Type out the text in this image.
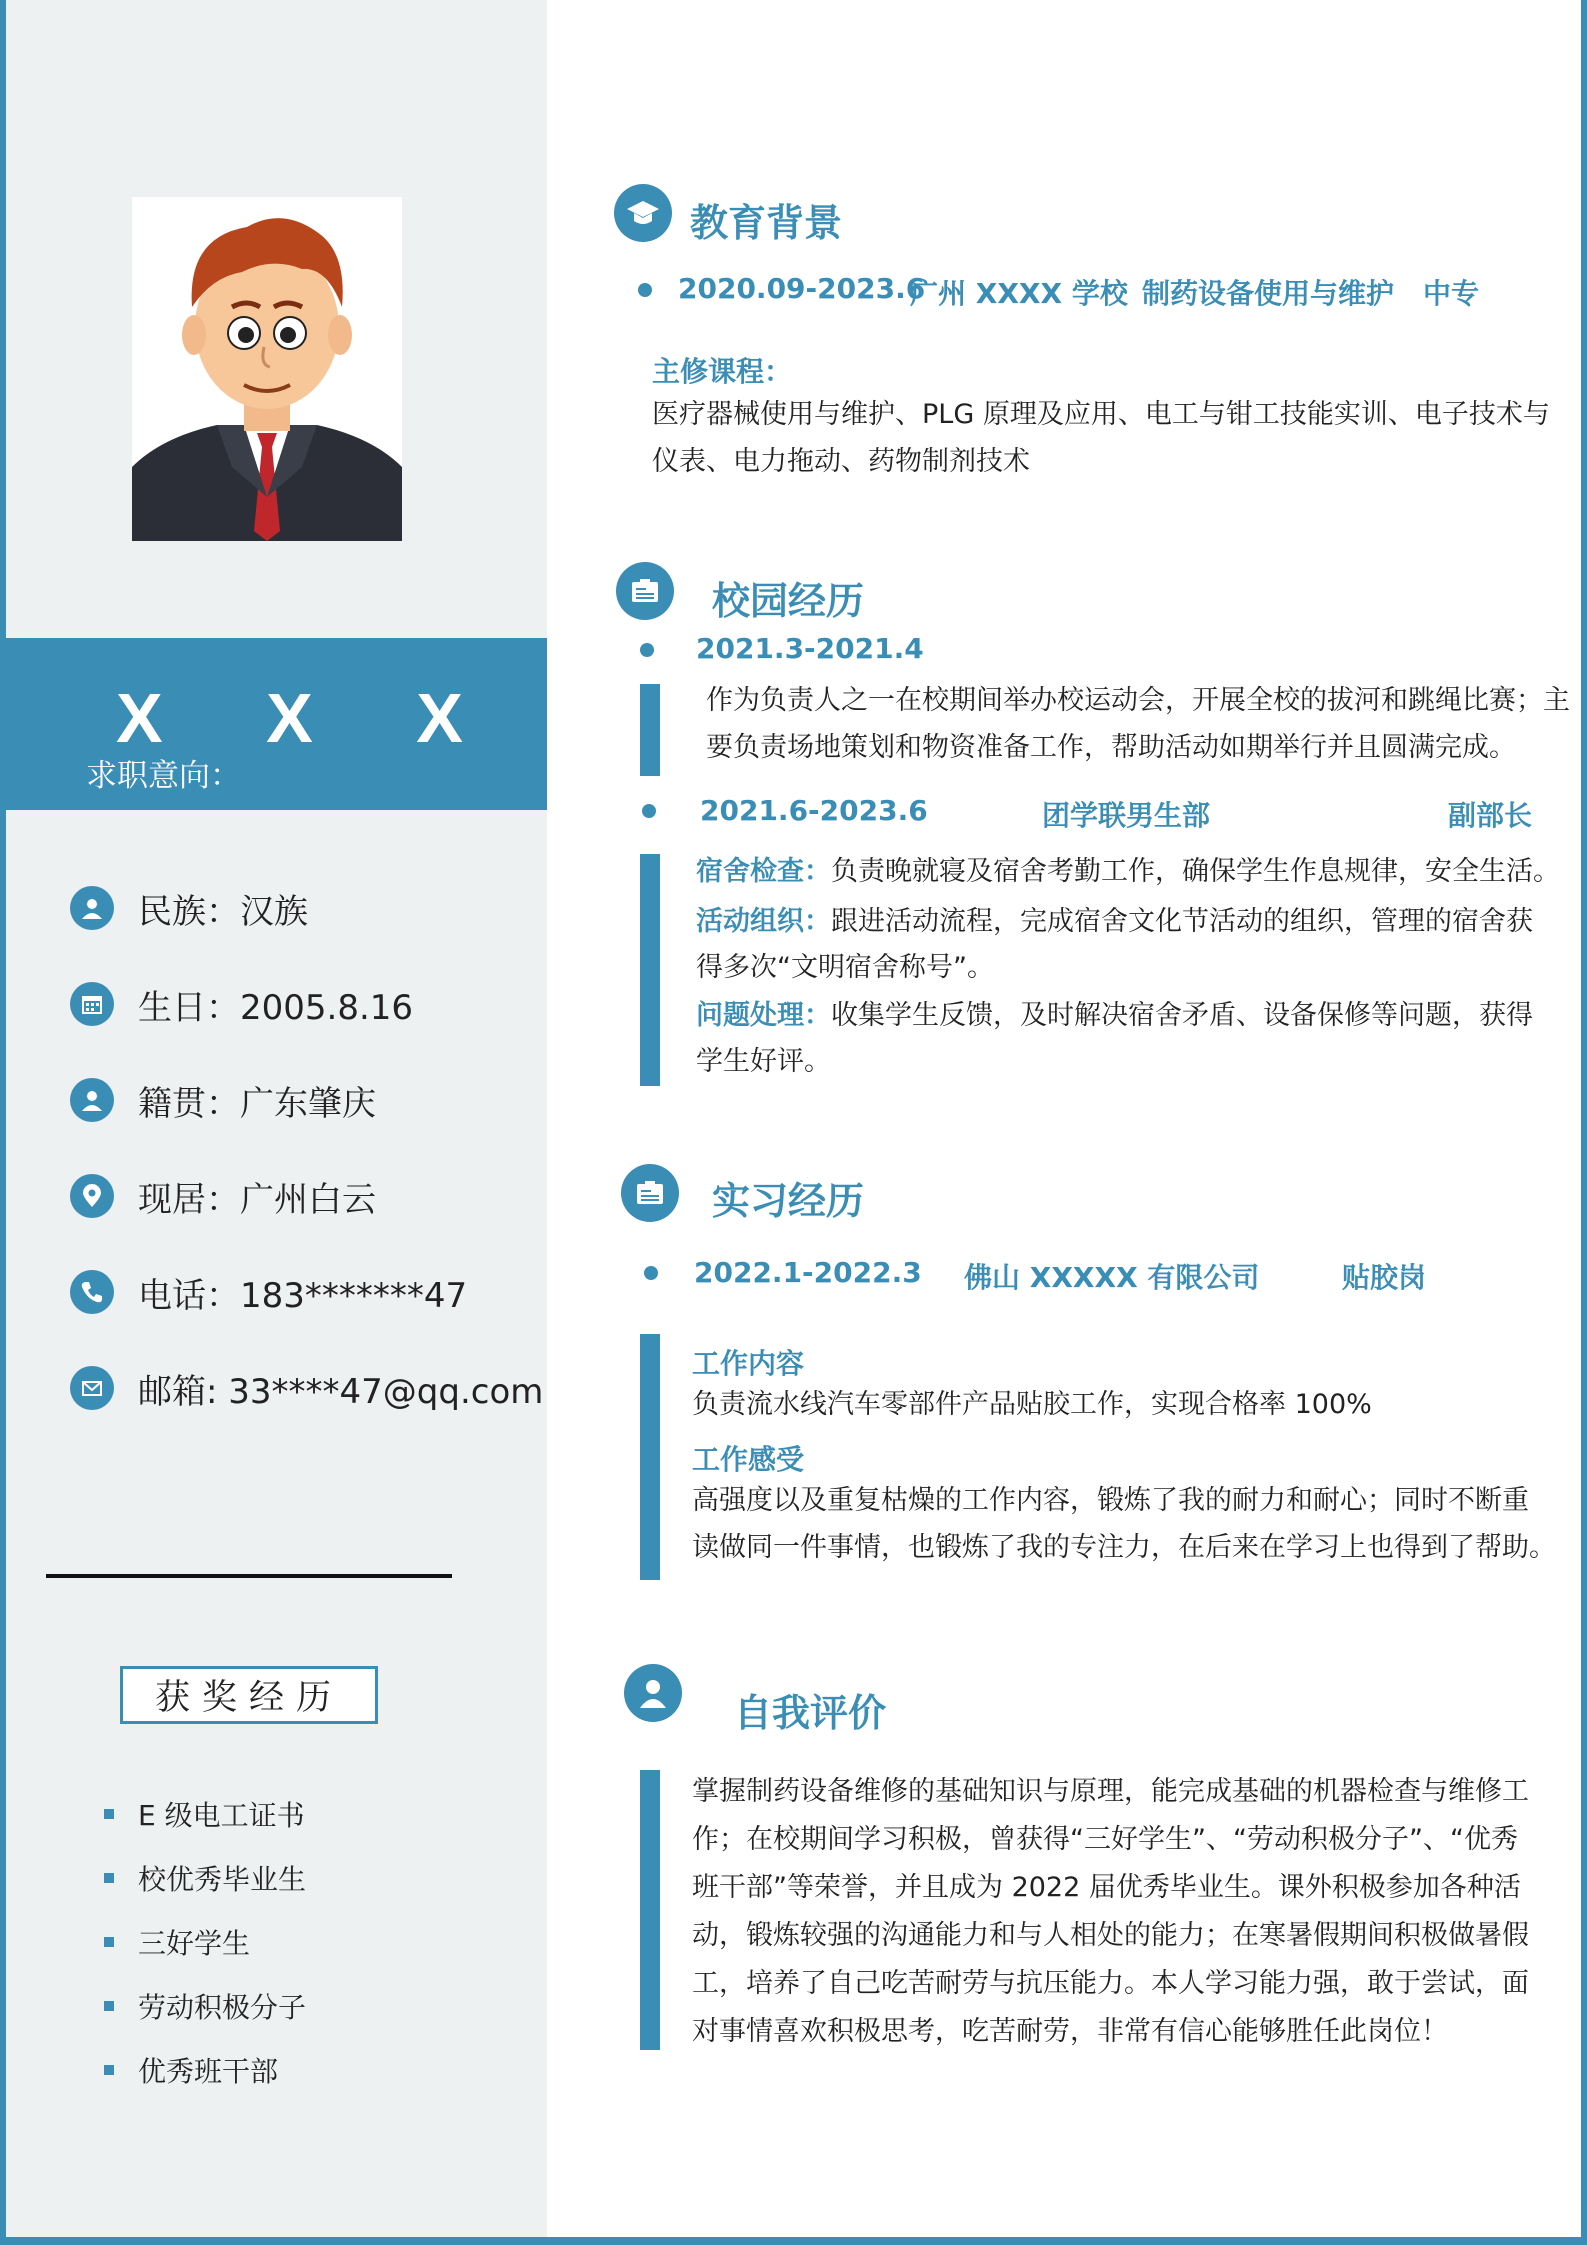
X X X
求职意向：
民族：汉族
生日：2005.8.16
籍贯：广东肇庆
现居：广州白云
电话：183*******47
邮箱: 33****47@qq.com
获奖经历
E 级电工证书
校优秀毕业生
三好学生
劳动积极分子
优秀班干部
教育背景
2020.09-2023.6
广州 XXXX 学校 制药设备使用与维护 中专
主修课程：
医疗器械使用与维护、PLG 原理及应用、电工与钳工技能实训、电子技术与
仪表、电力拖动、药物制剂技术
校园经历
2021.3-2021.4
作为负责人之一在校期间举办校运动会，开展全校的拔河和跳绳比赛；主
要负责场地策划和物资准备工作，帮助活动如期举行并且圆满完成。
2021.6-2023.6	团学联男生部	副部长
宿舍检查：负责晚就寝及宿舍考勤工作，确保学生作息规律，安全生活。
活动组织：跟进活动流程，完成宿舍文化节活动的组织，管理的宿舍获
得多次“文明宿舍称号”。
问题处理：收集学生反馈，及时解决宿舍矛盾、设备保修等问题，获得
学生好评。
实习经历
2022.1-2022.3 佛山 XXXXX 有限公司	贴胶岗
工作内容
负责流水线汽车零部件产品贴胶工作，实现合格率 100%
工作感受
高强度以及重复枯燥的工作内容，锻炼了我的耐力和耐心；同时不断重
读做同一件事情，也锻炼了我的专注力，在后来在学习上也得到了帮助。
自我评价
掌握制药设备维修的基础知识与原理，能完成基础的机器检查与维修工
作；在校期间学习积极，曾获得“三好学生”、“劳动积极分子”、“优秀
班干部”等荣誉，并且成为 2022 届优秀毕业生。课外积极参加各种活
动，锻炼较强的沟通能力和与人相处的能力；在寒暑假期间积极做暑假
工，培养了自己吃苦耐劳与抗压能力。本人学习能力强，敢于尝试，面
对事情喜欢积极思考，吃苦耐劳，非常有信心能够胜任此岗位！
